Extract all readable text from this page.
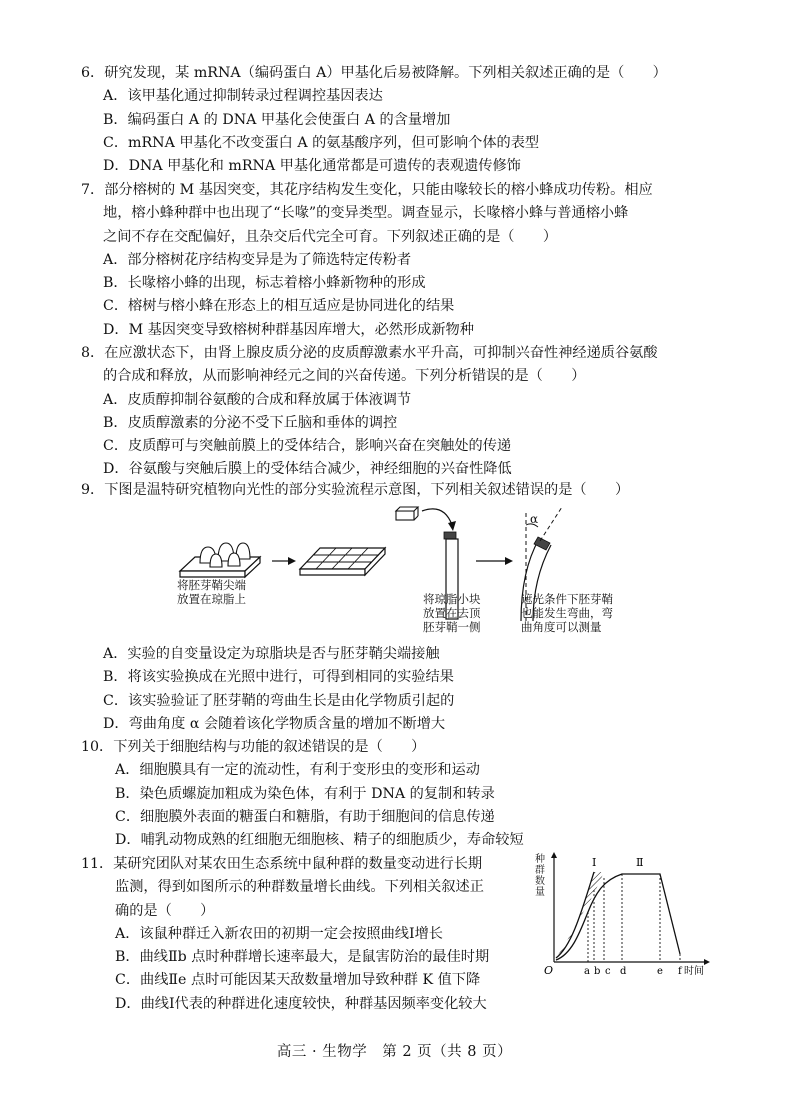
6．研究发现，某 mRNA（编码蛋白 A）甲基化后易被降解。下列相关叙述正确的是（　　）
A．该甲基化通过抑制转录过程调控基因表达
B．编码蛋白 A 的 DNA 甲基化会使蛋白 A 的含量增加
C．mRNA 甲基化不改变蛋白 A 的氨基酸序列，但可影响个体的表型
D．DNA 甲基化和 mRNA 甲基化通常都是可遗传的表观遗传修饰
7．部分榕树的 M 基因突变，其花序结构发生变化，只能由喙较长的榕小蜂成功传粉。相应
地，榕小蜂种群中也出现了“长喙”的变异类型。调查显示，长喙榕小蜂与普通榕小蜂
之间不存在交配偏好，且杂交后代完全可育。下列叙述正确的是（　　）
A．部分榕树花序结构变异是为了筛选特定传粉者
B．长喙榕小蜂的出现，标志着榕小蜂新物种的形成
C．榕树与榕小蜂在形态上的相互适应是协同进化的结果
D．M 基因突变导致榕树种群基因库增大，必然形成新物种
8．在应激状态下，由肾上腺皮质分泌的皮质醇激素水平升高，可抑制兴奋性神经递质谷氨酸
的合成和释放，从而影响神经元之间的兴奋传递。下列分析错误的是（　　）
A．皮质醇抑制谷氨酸的合成和释放属于体液调节
B．皮质醇激素的分泌不受下丘脑和垂体的调控
C．皮质醇可与突触前膜上的受体结合，影响兴奋在突触处的传递
D．谷氨酸与突触后膜上的受体结合减少，神经细胞的兴奋性降低
9．下图是温特研究植物向光性的部分实验流程示意图，下列相关叙述错误的是（　　）
α
将胚芽鞘尖端
放置在琼脂上	将琼脂小块
放置在去顶
胚芽鞘一侧
遮光条件下胚芽鞘
也能发生弯曲，弯
曲角度可以测量
A．实验的自变量设定为琼脂块是否与胚芽鞘尖端接触
B．将该实验换成在光照中进行，可得到相同的实验结果
C．该实验验证了胚芽鞘的弯曲生长是由化学物质引起的
D．弯曲角度 α 会随着该化学物质含量的增加不断增大
10．下列关于细胞结构与功能的叙述错误的是（　　）
A．细胞膜具有一定的流动性，有利于变形虫的变形和运动
B．染色质螺旋加粗成为染色体，有利于 DNA 的复制和转录
C．细胞膜外表面的糖蛋白和糖脂，有助于细胞间的信息传递
D．哺乳动物成熟的红细胞无细胞核、精子的细胞质少，寿命较短
11．某研究团队对某农田生态系统中鼠种群的数量变动进行长期
监测，得到如图所示的种群数量增长曲线。下列相关叙述正
确的是（　　）
A．该鼠种群迁入新农田的初期一定会按照曲线Ⅰ增长
B．曲线Ⅱb 点时种群增长速率最大，是鼠害防治的最佳时期
C．曲线Ⅱe 点时可能因某天敌数量增加导致种群 K 值下降
D．曲线Ⅰ代表的种群进化速度较快，种群基因频率变化较大
Ⅰ	Ⅱ
O	a b c d	e f 时间
种群数量
高三 · 生物学　第 2 页（共 8 页）
